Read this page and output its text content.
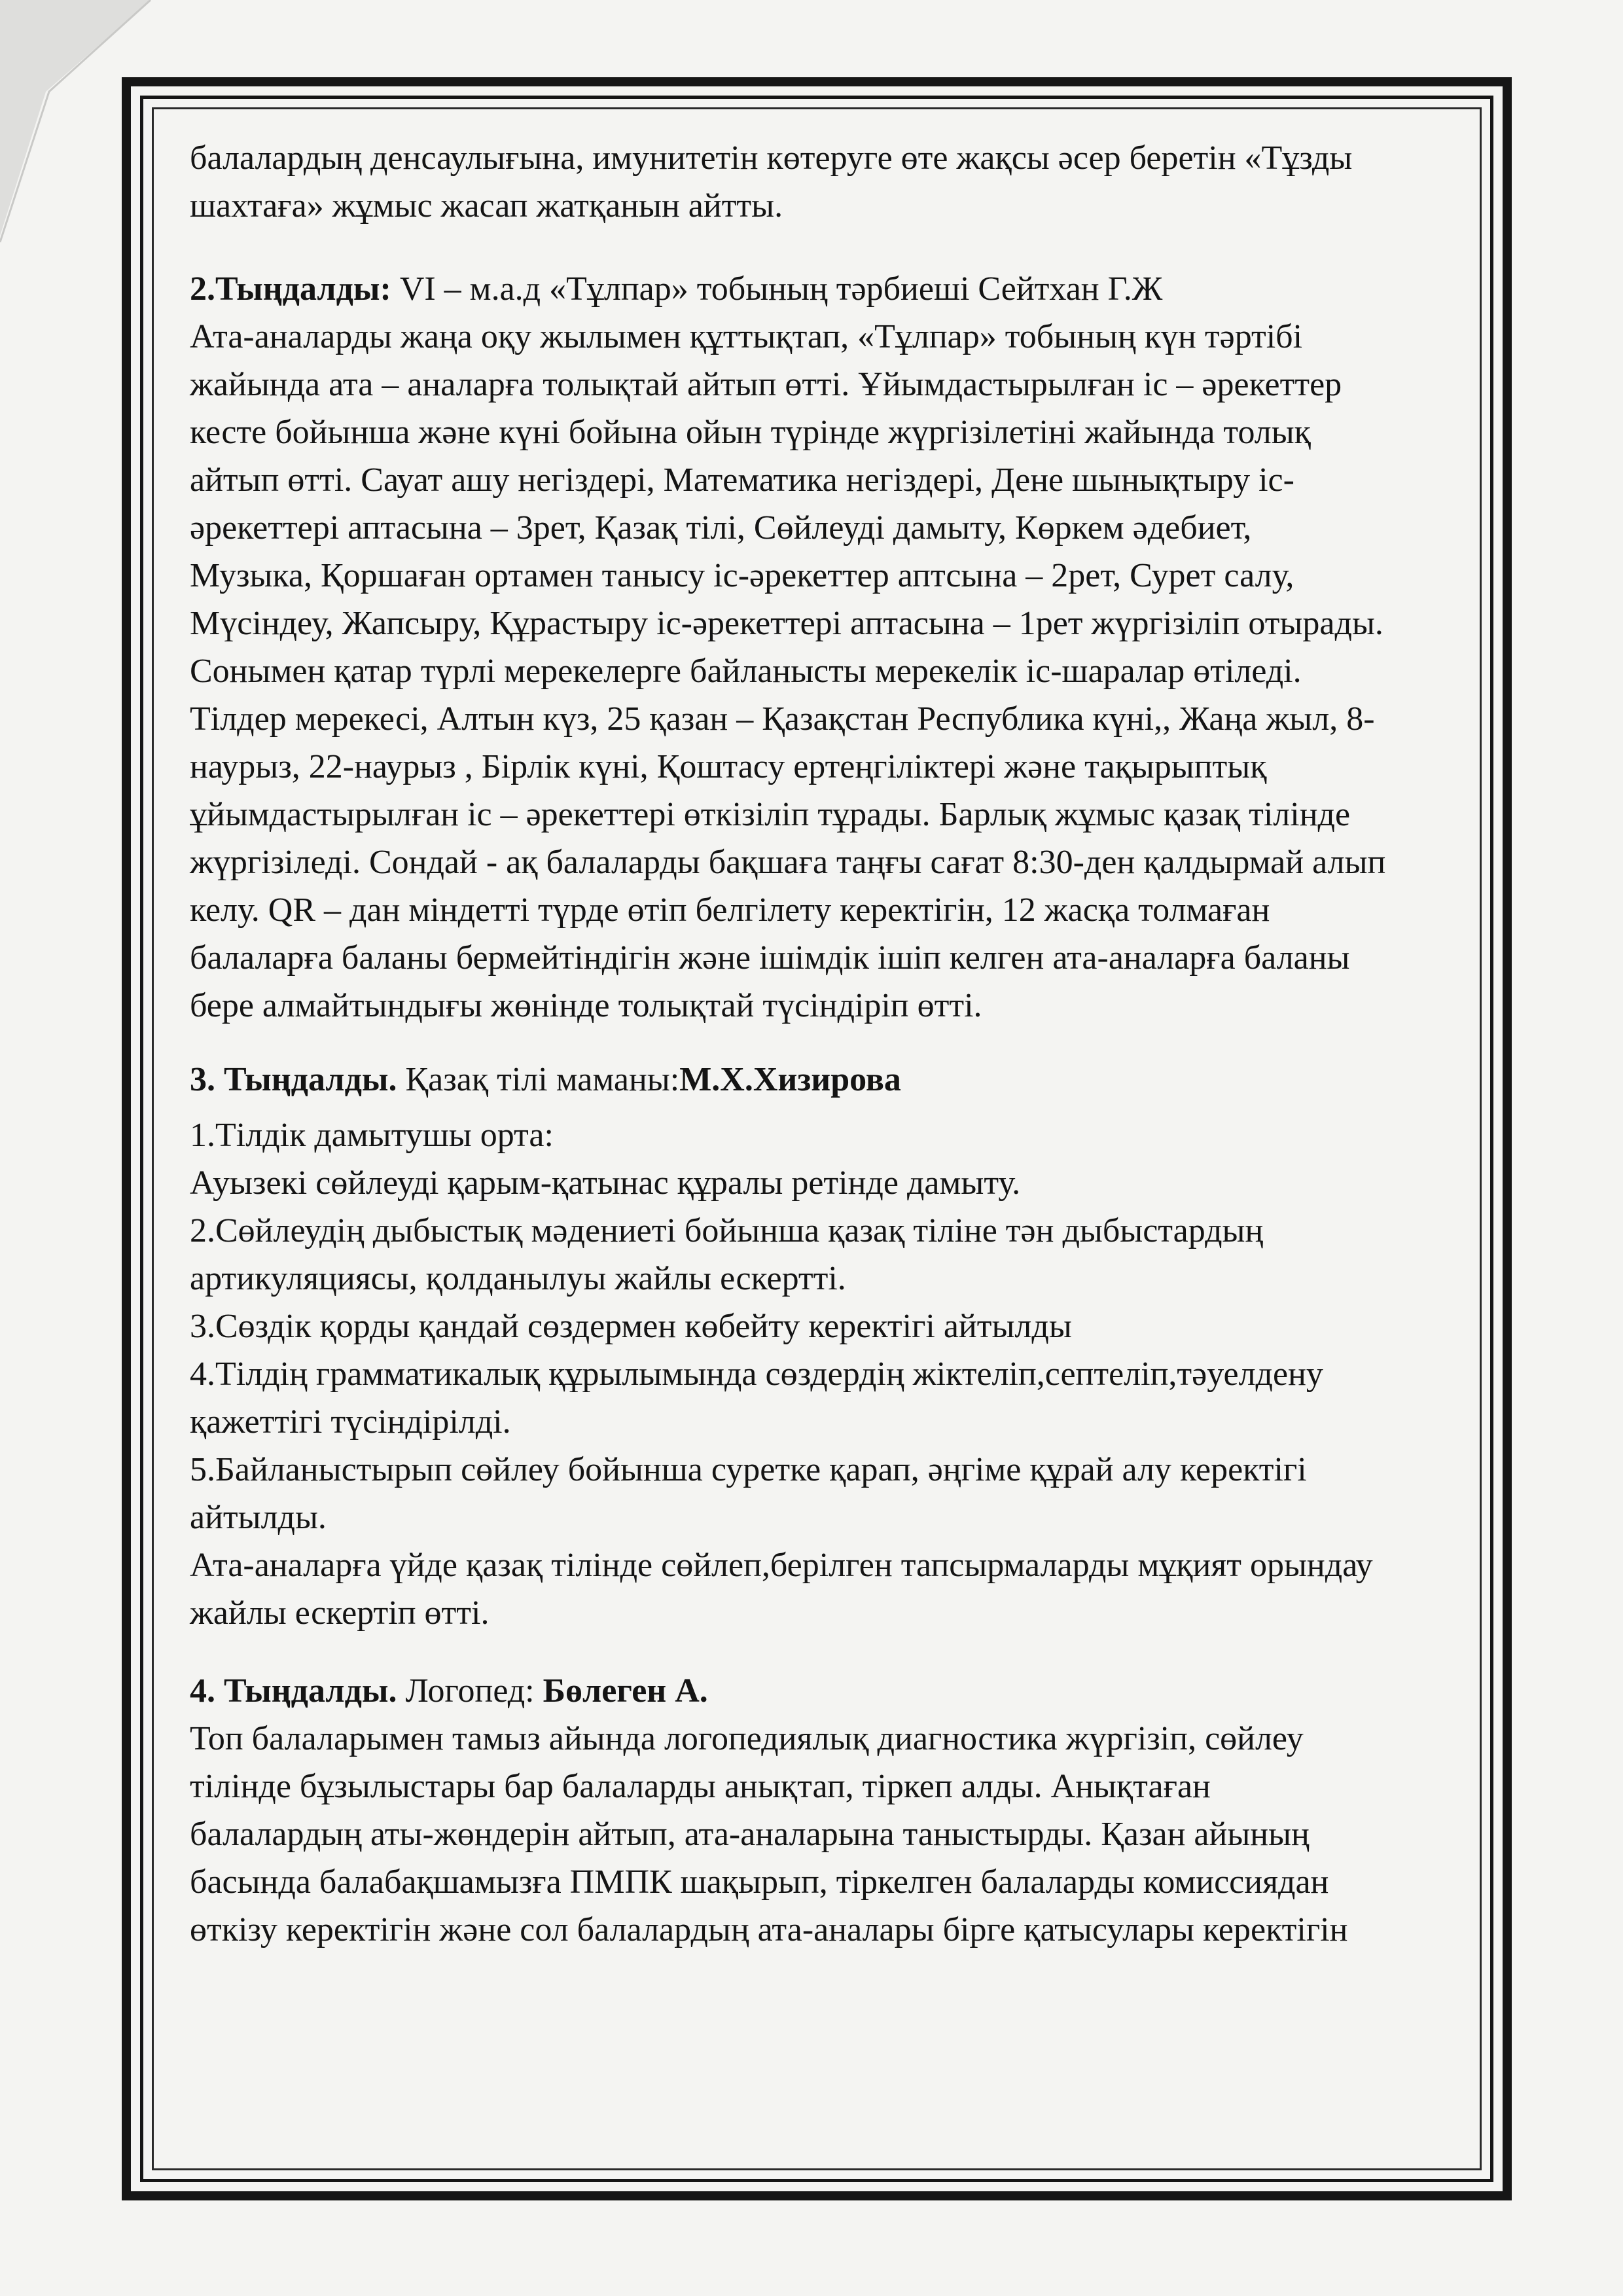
балалардың денсаулығына, имунитетін көтеруге өте жақсы әсер беретін «Тұзды
шахтаға» жұмыс жасап жатқанын айтты.
2.Тыңдалды: VI – м.а.д «Тұлпар» тобының тәрбиеші Сейтхан Г.Ж
Ата-аналарды жаңа оқу жылымен құттықтап, «Тұлпар» тобының күн тәртібі
жайында ата – аналарға толықтай айтып өтті. Ұйымдастырылған іс – әрекеттер
кесте бойынша және күні бойына ойын түрінде жүргізілетіні жайында толық
айтып өтті. Сауат ашу негіздері, Математика негіздері, Дене шынықтыру іс-
әрекеттері аптасына – 3рет, Қазақ тілі, Сөйлеуді дамыту, Көркем әдебиет,
Музыка, Қоршаған ортамен танысу іс-әрекеттер аптсына – 2рет, Сурет салу,
Мүсіндеу, Жапсыру, Құрастыру іс-әрекеттері аптасына – 1рет жүргізіліп отырады.
Сонымен қатар түрлі мерекелерге байланысты мерекелік іс-шаралар өтіледі.
Тілдер мерекесі, Алтын күз, 25 қазан – Қазақстан Республика күні,, Жаңа жыл, 8-
наурыз, 22-наурыз , Бірлік күні, Қоштасу ертеңгіліктері және тақырыптық
ұйымдастырылған іс – әрекеттері өткізіліп тұрады. Барлық жұмыс қазақ тілінде
жүргізіледі. Сондай - ақ балаларды бақшаға таңғы сағат 8:30-ден қалдырмай алып
келу. QR – дан міндетті түрде өтіп белгілету керектігін, 12 жасқа толмаған
балаларға баланы бермейтіндігін және ішімдік ішіп келген ата-аналарға баланы
бере алмайтындығы жөнінде толықтай түсіндіріп өтті.
3. Тыңдалды. Қазақ тілі маманы:М.Х.Хизирова
1.Тілдік дамытушы орта:
Ауызекі сөйлеуді қарым-қатынас құралы ретінде дамыту.
2.Сөйлеудің дыбыстық мәдениеті бойынша қазақ тіліне тән дыбыстардың
артикуляциясы, қолданылуы жайлы ескертті.
3.Сөздік қорды қандай сөздермен көбейту керектігі айтылды
4.Тілдің грамматикалық құрылымында сөздердің жіктеліп,септеліп,тәуелдену
қажеттігі түсіндірілді.
5.Байланыстырып сөйлеу бойынша суретке қарап, әңгіме құрай алу керектігі
айтылды.
Ата-аналарға үйде қазақ тілінде сөйлеп,берілген тапсырмаларды мұқият орындау
жайлы ескертіп өтті.
4. Тыңдалды. Логопед: Бөлеген А.
Топ балаларымен тамыз айында логопедиялық диагностика жүргізіп, сөйлеу
тілінде бұзылыстары бар балаларды анықтап, тіркеп алды. Анықтаған
балалардың аты-жөндерін айтып, ата-аналарына таныстырды. Қазан айының
басында балабақшамызға ПМПК шақырып, тіркелген балаларды комиссиядан
өткізу керектігін және сол балалардың ата-аналары бірге қатысулары керектігін
